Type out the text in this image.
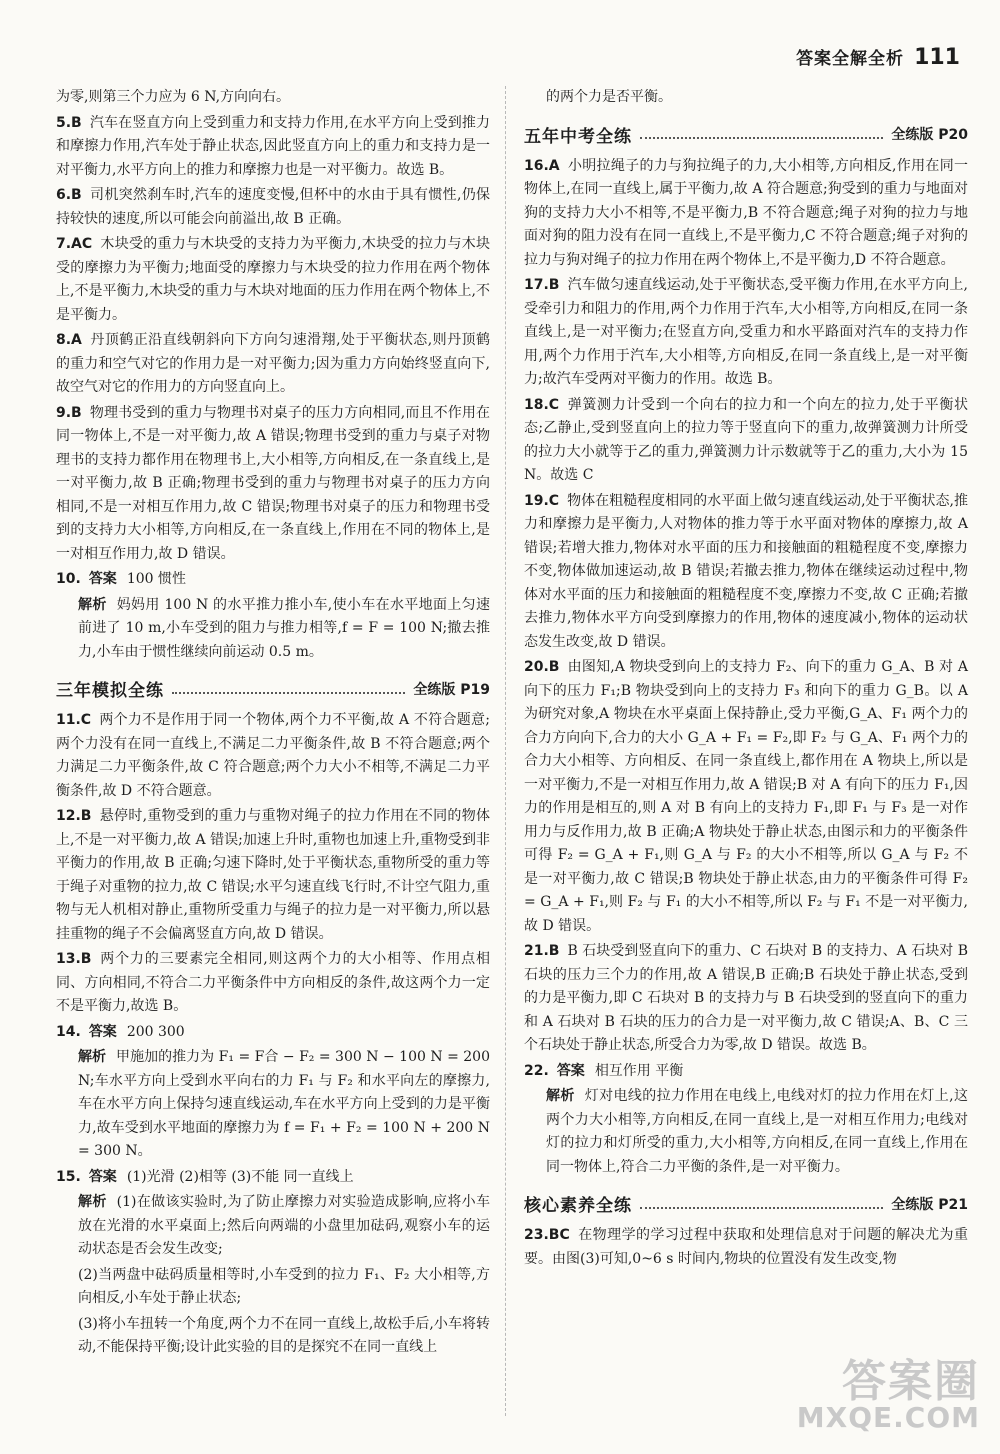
答案全解全析 111
为零,则第三个力应为 6 N,方向向右。
5.B 汽车在竖直方向上受到重力和支持力作用,在水平方向上受到推力和摩擦力作用,汽车处于静止状态,因此竖直方向上的重力和支持力是一对平衡力,水平方向上的推力和摩擦力也是一对平衡力。故选 B。
6.B 司机突然刹车时,汽车的速度变慢,但杯中的水由于具有惯性,仍保持较快的速度,所以可能会向前溢出,故 B 正确。
7.AC 木块受的重力与木块受的支持力为平衡力,木块受的拉力与木块受的摩擦力为平衡力;地面受的摩擦力与木块受的拉力作用在两个物体上,不是平衡力,木块受的重力与木块对地面的压力作用在两个物体上,不是平衡力。
8.A 丹顶鹤正沿直线朝斜向下方向匀速滑翔,处于平衡状态,则丹顶鹤的重力和空气对它的作用力是一对平衡力;因为重力方向始终竖直向下,故空气对它的作用力的方向竖直向上。
9.B 物理书受到的重力与物理书对桌子的压力方向相同,而且不作用在同一物体上,不是一对平衡力,故 A 错误;物理书受到的重力与桌子对物理书的支持力都作用在物理书上,大小相等,方向相反,在一条直线上,是一对平衡力,故 B 正确;物理书受到的重力与物理书对桌子的压力方向相同,不是一对相互作用力,故 C 错误;物理书对桌子的压力和物理书受到的支持力大小相等,方向相反,在一条直线上,作用在不同的物体上,是一对相互作用力,故 D 错误。
10. 答案 100 惯性
解析 妈妈用 100 N 的水平推力推小车,使小车在水平地面上匀速前进了 10 m,小车受到的阻力与推力相等,f = F = 100 N;撤去推力,小车由于惯性继续向前运动 0.5 m。
三年模拟全练	全练版 P19
11.C 两个力不是作用于同一个物体,两个力不平衡,故 A 不符合题意;两个力没有在同一直线上,不满足二力平衡条件,故 B 不符合题意;两个力满足二力平衡条件,故 C 符合题意;两个力大小不相等,不满足二力平衡条件,故 D 不符合题意。
12.B 悬停时,重物受到的重力与重物对绳子的拉力作用在不同的物体上,不是一对平衡力,故 A 错误;加速上升时,重物也加速上升,重物受到非平衡力的作用,故 B 正确;匀速下降时,处于平衡状态,重物所受的重力等于绳子对重物的拉力,故 C 错误;水平匀速直线飞行时,不计空气阻力,重物与无人机相对静止,重物所受重力与绳子的拉力是一对平衡力,所以悬挂重物的绳子不会偏离竖直方向,故 D 错误。
13.B 两个力的三要素完全相同,则这两个力的大小相等、作用点相同、方向相同,不符合二力平衡条件中方向相反的条件,故这两个力一定不是平衡力,故选 B。
14. 答案 200 300
解析 甲施加的推力为 F₁ = F合 − F₂ = 300 N − 100 N = 200 N;车水平方向上受到水平向右的力 F₁ 与 F₂ 和水平向左的摩擦力,车在水平方向上保持匀速直线运动,车在水平方向上受到的力是平衡力,故车受到水平地面的摩擦力为 f = F₁ + F₂ = 100 N + 200 N = 300 N。
15. 答案 (1)光滑 (2)相等 (3)不能 同一直线上
解析 (1)在做该实验时,为了防止摩擦力对实验造成影响,应将小车放在光滑的水平桌面上;然后向两端的小盘里加砝码,观察小车的运动状态是否会发生改变;
(2)当两盘中砝码质量相等时,小车受到的拉力 F₁、F₂ 大小相等,方向相反,小车处于静止状态;
(3)将小车扭转一个角度,两个力不在同一直线上,故松手后,小车将转动,不能保持平衡;设计此实验的目的是探究不在同一直线上
的两个力是否平衡。
五年中考全练	全练版 P20
16.A 小明拉绳子的力与狗拉绳子的力,大小相等,方向相反,作用在同一物体上,在同一直线上,属于平衡力,故 A 符合题意;狗受到的重力与地面对狗的支持力大小不相等,不是平衡力,B 不符合题意;绳子对狗的拉力与地面对狗的阻力没有在同一直线上,不是平衡力,C 不符合题意;绳子对狗的拉力与狗对绳子的拉力作用在两个物体上,不是平衡力,D 不符合题意。
17.B 汽车做匀速直线运动,处于平衡状态,受平衡力作用,在水平方向上,受牵引力和阻力的作用,两个力作用于汽车,大小相等,方向相反,在同一条直线上,是一对平衡力;在竖直方向,受重力和水平路面对汽车的支持力作用,两个力作用于汽车,大小相等,方向相反,在同一条直线上,是一对平衡力;故汽车受两对平衡力的作用。故选 B。
18.C 弹簧测力计受到一个向右的拉力和一个向左的拉力,处于平衡状态;乙静止,受到竖直向上的拉力等于竖直向下的重力,故弹簧测力计所受的拉力大小就等于乙的重力,弹簧测力计示数就等于乙的重力,大小为 15 N。故选 C
19.C 物体在粗糙程度相同的水平面上做匀速直线运动,处于平衡状态,推力和摩擦力是平衡力,人对物体的推力等于水平面对物体的摩擦力,故 A 错误;若增大推力,物体对水平面的压力和接触面的粗糙程度不变,摩擦力不变,物体做加速运动,故 B 错误;若撤去推力,物体在继续运动过程中,物体对水平面的压力和接触面的粗糙程度不变,摩擦力不变,故 C 正确;若撤去推力,物体水平方向受到摩擦力的作用,物体的速度减小,物体的运动状态发生改变,故 D 错误。
20.B 由图知,A 物块受到向上的支持力 F₂、向下的重力 G_A、B 对 A 向下的压力 F₁;B 物块受到向上的支持力 F₃ 和向下的重力 G_B。以 A 为研究对象,A 物块在水平桌面上保持静止,受力平衡,G_A、F₁ 两个力的合力方向向下,合力的大小 G_A + F₁ = F₂,即 F₂ 与 G_A、F₁ 两个力的合力大小相等、方向相反、在同一条直线上,都作用在 A 物块上,所以是一对平衡力,不是一对相互作用力,故 A 错误;B 对 A 有向下的压力 F₁,因力的作用是相互的,则 A 对 B 有向上的支持力 F₁,即 F₁ 与 F₃ 是一对作用力与反作用力,故 B 正确;A 物块处于静止状态,由图示和力的平衡条件可得 F₂ = G_A + F₁,则 G_A 与 F₂ 的大小不相等,所以 G_A 与 F₂ 不是一对平衡力,故 C 错误;B 物块处于静止状态,由力的平衡条件可得 F₂ = G_A + F₁,则 F₂ 与 F₁ 的大小不相等,所以 F₂ 与 F₁ 不是一对平衡力,故 D 错误。
21.B B 石块受到竖直向下的重力、C 石块对 B 的支持力、A 石块对 B 石块的压力三个力的作用,故 A 错误,B 正确;B 石块处于静止状态,受到的力是平衡力,即 C 石块对 B 的支持力与 B 石块受到的竖直向下的重力和 A 石块对 B 石块的压力的合力是一对平衡力,故 C 错误;A、B、C 三个石块处于静止状态,所受合力为零,故 D 错误。故选 B。
22. 答案 相互作用 平衡
解析 灯对电线的拉力作用在电线上,电线对灯的拉力作用在灯上,这两个力大小相等,方向相反,在同一直线上,是一对相互作用力;电线对灯的拉力和灯所受的重力,大小相等,方向相反,在同一直线上,作用在同一物体上,符合二力平衡的条件,是一对平衡力。
核心素养全练	全练版 P21
23.BC 在物理学的学习过程中获取和处理信息对于问题的解决尤为重要。由图(3)可知,0~6 s 时间内,物块的位置没有发生改变,物
答案圈
MXQE.COM
